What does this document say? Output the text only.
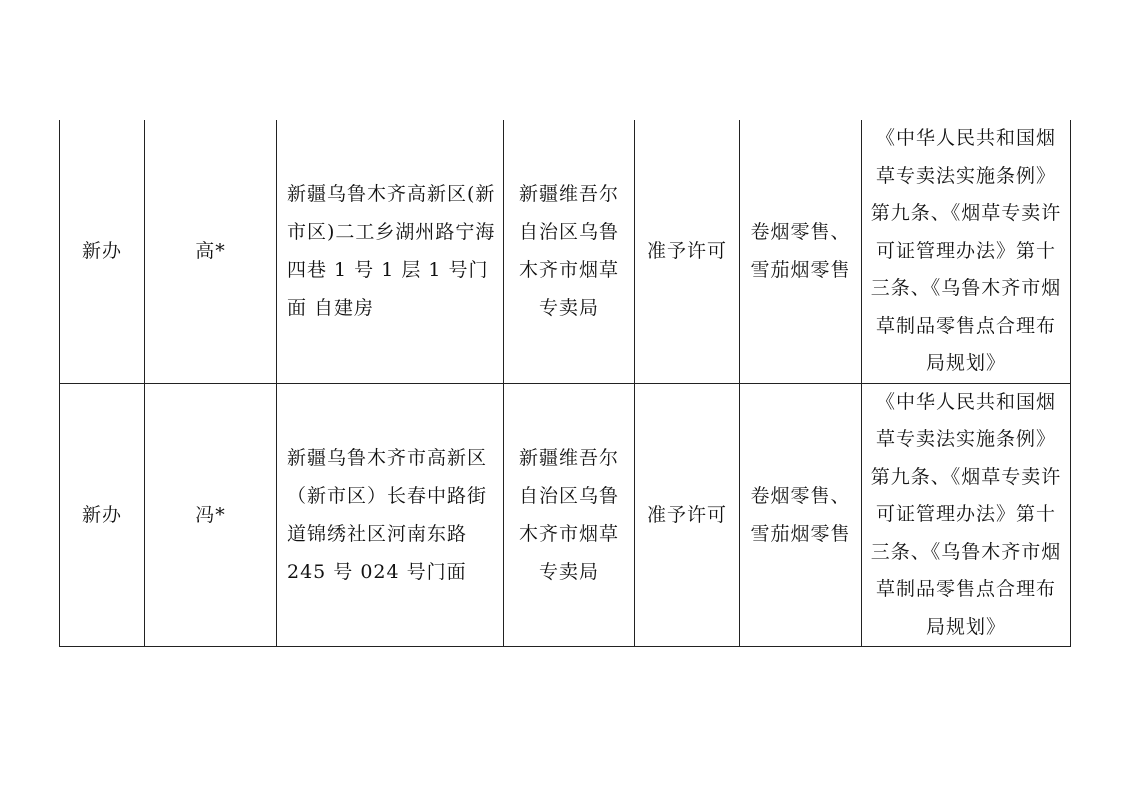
新办	高*	新疆乌鲁木齐高新区(新市区)二工乡湖州路宁海四巷 1 号 1 层 1 号门面 自建房	新疆维吾尔自治区乌鲁木齐市烟草专卖局	准予许可	卷烟零售、雪茄烟零售	《中华人民共和国烟草专卖法实施条例》第九条、《烟草专卖许可证管理办法》第十三条、《乌鲁木齐市烟草制品零售点合理布局规划》
新办	冯*	新疆乌鲁木齐市高新区（新市区）长春中路街道锦绣社区河南东路 245 号 024 号门面	新疆维吾尔自治区乌鲁木齐市烟草专卖局	准予许可	卷烟零售、雪茄烟零售	《中华人民共和国烟草专卖法实施条例》第九条、《烟草专卖许可证管理办法》第十三条、《乌鲁木齐市烟草制品零售点合理布局规划》
